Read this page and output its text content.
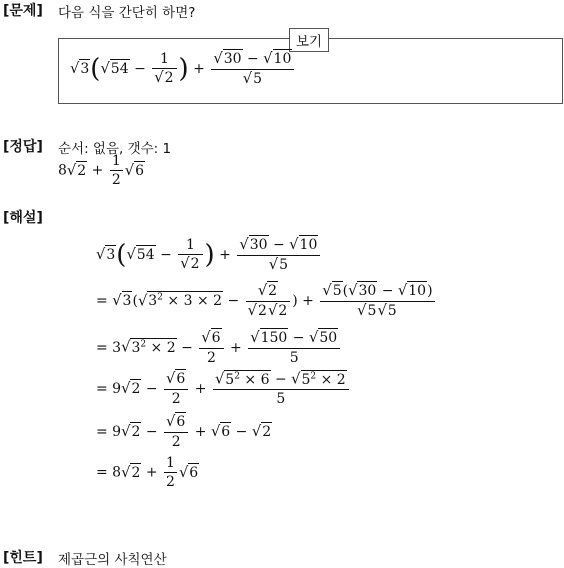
[문제] 다음 식을 간단히 하면?
보기
$√3(√54 - \frac{1}{√2}$ ) + $\frac{√30 - √10}{√5}$
[정답] 순서: 없음, 갯수: 1
$8√2 + \frac{1}{2} √6$
[해설]
$√3(√54 - \frac{1}{√2}$ ) + $\frac{√30 - √10}{√5}$
= $√3(√3^2 \times 3 \times 2 - \frac{√2}{√2√2}$ ) + $\frac{√5(√30 - √10)}{√5√5}$
= $3√3^2 \times 2 - \frac{√6}{2} + \frac{√150 - √50}{5}$
= $9√2 - \frac{√6}{2} + \frac{√5^2 \times 6 - √5^2 \times 2}{5}$
= $9√2 - \frac{√6}{2} + √6 - √2$
= $8√2 + \frac{1}{2} √6$
[힌트] 제곱근의 사칙연산
